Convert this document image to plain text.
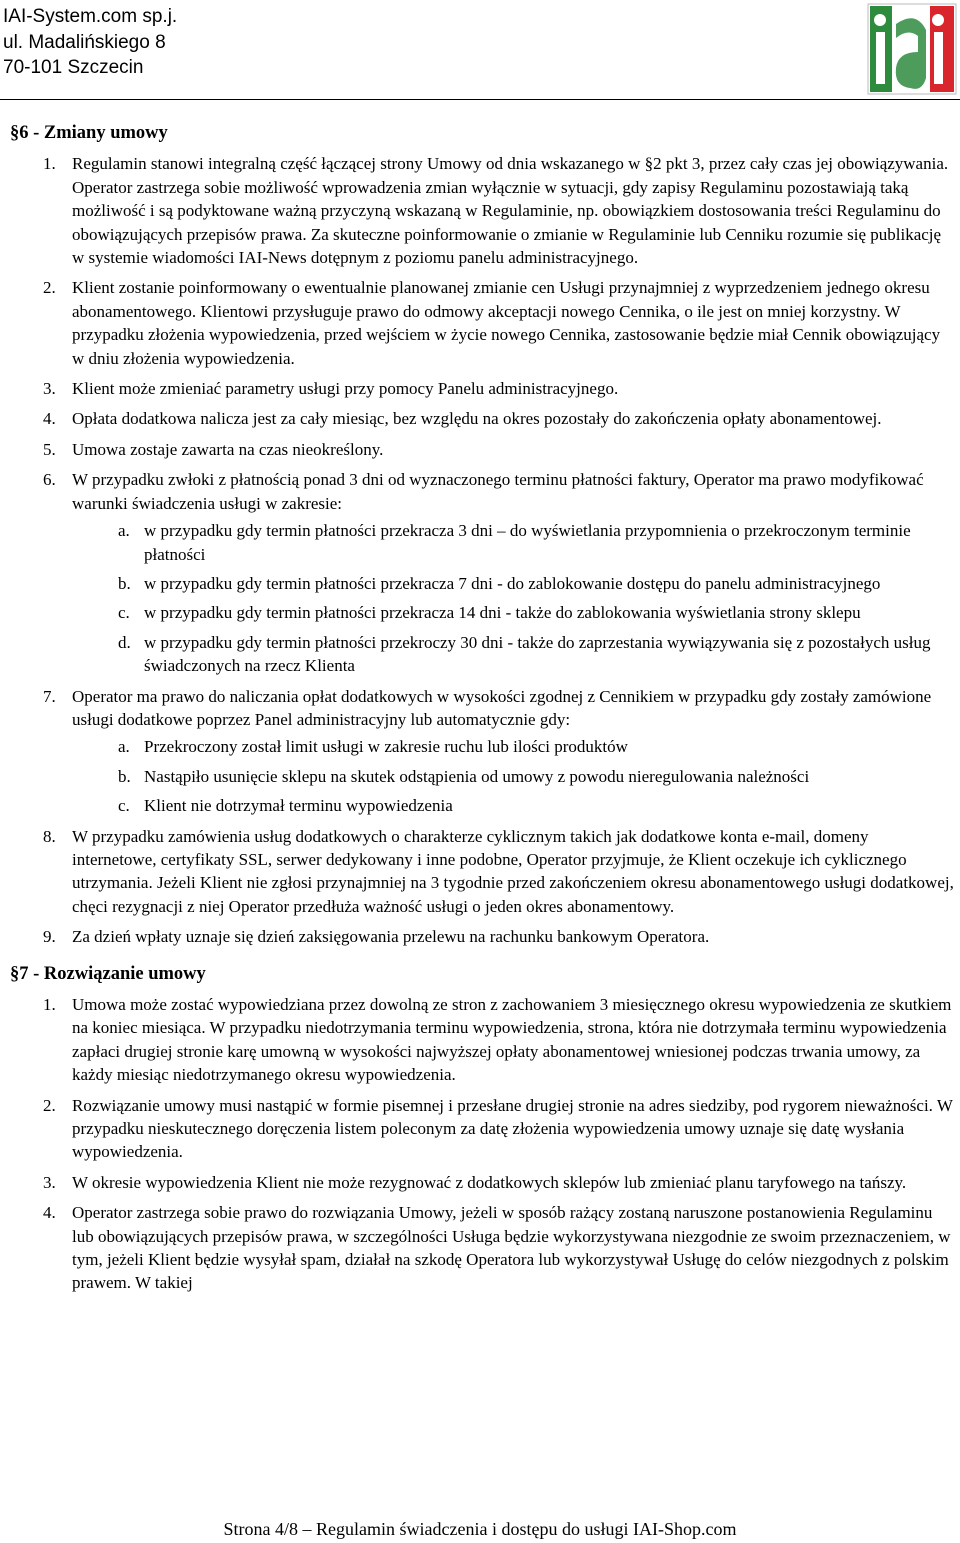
IAI-System.com sp.j.
ul. Madalińskiego 8
70-101 Szczecin
§6 - Zmiany umowy
1. Regulamin stanowi integralną część łączącej strony Umowy od dnia wskazanego w §2 pkt 3, przez cały czas jej obowiązywania. Operator zastrzega sobie możliwość wprowadzenia zmian wyłącznie w sytuacji, gdy zapisy Regulaminu pozostawiają taką możliwość i są podyktowane ważną przyczyną wskazaną w Regulaminie, np. obowiązkiem dostosowania treści Regulaminu do obowiązujących przepisów prawa. Za skuteczne poinformowanie o zmianie w Regulaminie lub Cenniku rozumie się publikację w systemie wiadomości IAI-News dotępnym z poziomu panelu administracyjnego.
2. Klient zostanie poinformowany o ewentualnie planowanej zmianie cen Usługi przynajmniej z wyprzedzeniem jednego okresu abonamentowego. Klientowi przysługuje prawo do odmowy akceptacji nowego Cennika, o ile jest on mniej korzystny. W przypadku złożenia wypowiedzenia, przed wejściem w życie nowego Cennika, zastosowanie będzie miał Cennik obowiązujący w dniu złożenia wypowiedzenia.
3. Klient może zmieniać parametry usługi przy pomocy Panelu administracyjnego.
4. Opłata dodatkowa nalicza jest za cały miesiąc, bez względu na okres pozostały do zakończenia opłaty abonamentowej.
5. Umowa zostaje zawarta na czas nieokreślony.
6. W przypadku zwłoki z płatnością ponad 3 dni od wyznaczonego terminu płatności faktury, Operator ma prawo modyfikować warunki świadczenia usługi w zakresie:
a. w przypadku gdy termin płatności przekracza 3 dni – do wyświetlania przypomnienia o przekroczonym terminie płatności
b. w przypadku gdy termin płatności przekracza 7 dni - do zablokowanie dostępu do panelu administracyjnego
c. w przypadku gdy termin płatności przekracza 14 dni - także do zablokowania wyświetlania strony sklepu
d. w przypadku gdy termin płatności przekroczy 30 dni - także do zaprzestania wywiązywania się z pozostałych usług świadczonych na rzecz Klienta
7. Operator ma prawo do naliczania opłat dodatkowych w wysokości zgodnej z Cennikiem w przypadku gdy zostały zamówione usługi dodatkowe poprzez Panel administracyjny lub automatycznie gdy:
a. Przekroczony został limit usługi w zakresie ruchu lub ilości produktów
b. Nastąpiło usunięcie sklepu na skutek odstąpienia od umowy z powodu nieregulowania należności
c. Klient nie dotrzymał terminu wypowiedzenia
8. W przypadku zamówienia usług dodatkowych o charakterze cyklicznym takich jak dodatkowe konta e-mail, domeny internetowe, certyfikaty SSL, serwer dedykowany i inne podobne, Operator przyjmuje, że Klient oczekuje ich cyklicznego utrzymania. Jeżeli Klient nie zgłosi przynajmniej na 3 tygodnie przed zakończeniem okresu abonamentowego usługi dodatkowej, chęci rezygnacji z niej Operator przedłuża ważność usługi o jeden okres abonamentowy.
9. Za dzień wpłaty uznaje się dzień zaksięgowania przelewu na rachunku bankowym Operatora.
§7 - Rozwiązanie umowy
1. Umowa może zostać wypowiedziana przez dowolną ze stron z zachowaniem 3 miesięcznego okresu wypowiedzenia ze skutkiem na koniec miesiąca. W przypadku niedotrzymania terminu wypowiedzenia, strona, która nie dotrzymała terminu wypowiedzenia zapłaci drugiej stronie karę umowną w wysokości najwyższej opłaty abonamentowej wniesionej podczas trwania umowy, za każdy miesiąc niedotrzymanego okresu wypowiedzenia.
2. Rozwiązanie umowy musi nastąpić w formie pisemnej i przesłane drugiej stronie na adres siedziby, pod rygorem nieważności. W przypadku nieskutecznego doręczenia listem poleconym za datę złożenia wypowiedzenia umowy uznaje się datę wysłania wypowiedzenia.
3. W okresie wypowiedzenia Klient nie może rezygnować z dodatkowych sklepów lub zmieniać planu taryfowego na tańszy.
4. Operator zastrzega sobie prawo do rozwiązania Umowy, jeżeli w sposób rażący zostaną naruszone postanowienia Regulaminu lub obowiązujących przepisów prawa, w szczególności Usługa będzie wykorzystywana niezgodnie ze swoim przeznaczeniem, w tym, jeżeli Klient będzie wysyłał spam, działał na szkodę Operatora lub wykorzystywał Usługę do celów niezgodnych z polskim prawem. W takiej
Strona 4/8 – Regulamin świadczenia i dostępu do usługi IAI-Shop.com
